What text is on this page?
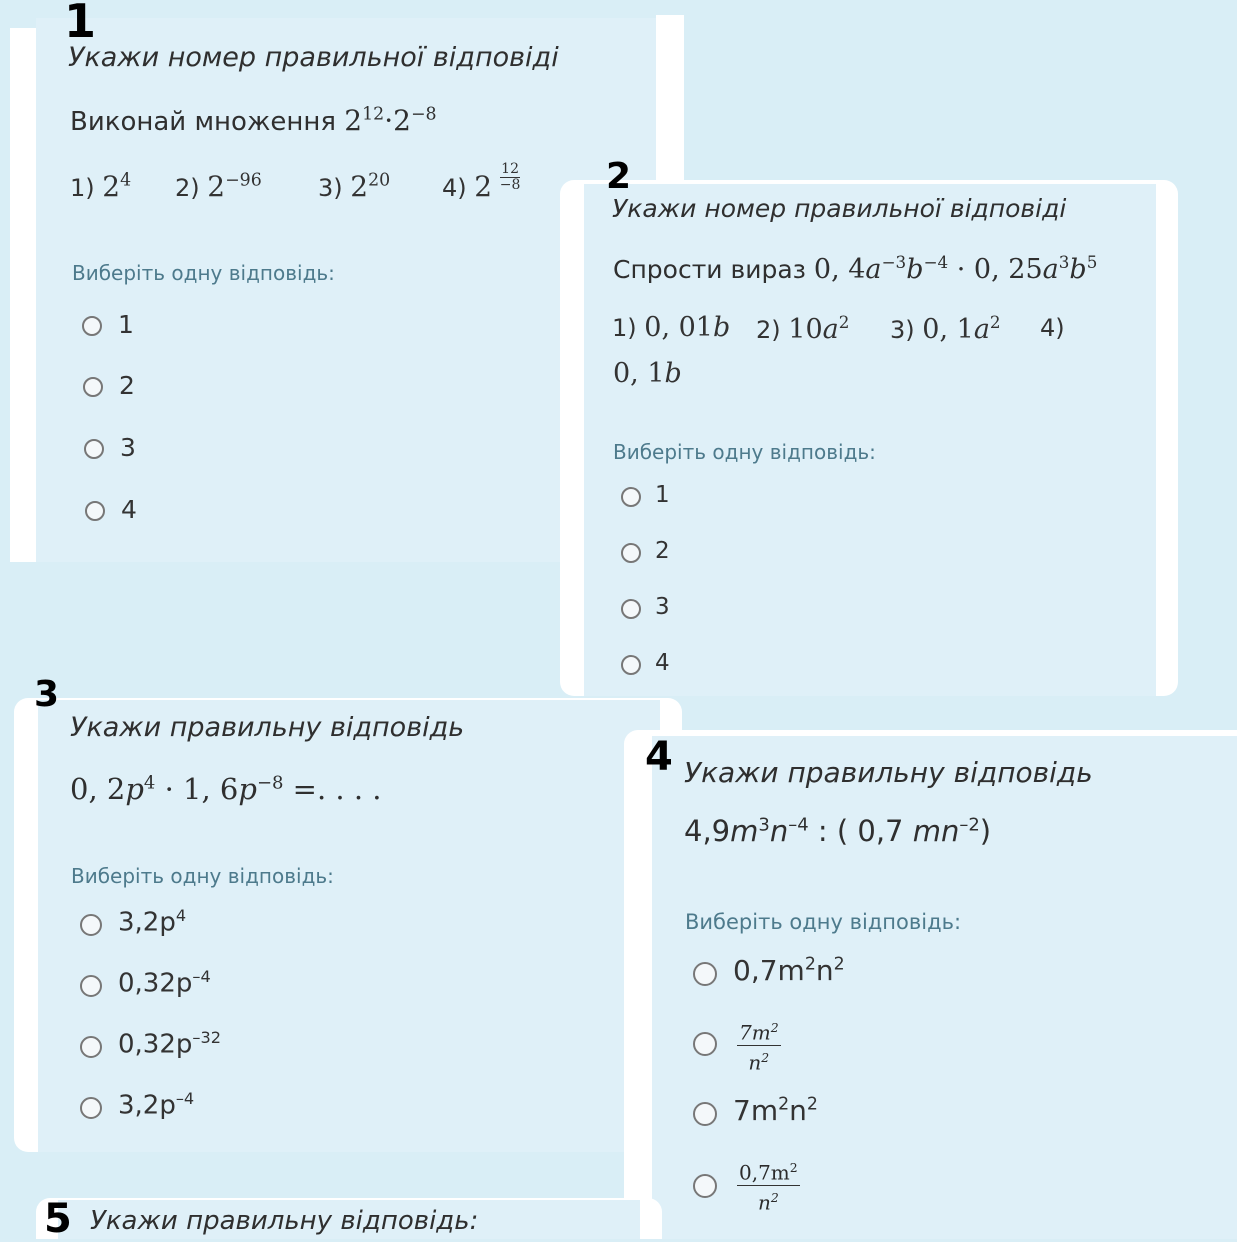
1
Укажи номер правильної відповіді
Виконай множення $2^{12}\cdot 2^{-8}$
1) $2^4$ 2) $2^{-96}$ 3) $2^{20}$ 4) $2 \frac{12}{-8}$
Виберіть одну відповідь:
1
2
3
4
2
Укажи номер правильної відповіді
Спрости вираз 0, $4a^{-3}b^{-4} \cdot 0$, $25a^3b^5$
1) 0, 01b 2) $10a^2$ 3) 0, $1a^2$ 4)
0, 1b
Виберіть одну відповідь:
1
2
3
4
3
Укажи правильну відповідь
0, $2p^4 \cdot 1$, $6p^{-8}$ =. . . .
Виберіть одну відповідь:
$3,2p^4$
$0,32p^{-4}$
$0,32p^{-32}$
$3,2p^{-4}$
4 Укажи правильну відповідь
$4,9m^3n^{-4}$ : ( 0,7 $mn^{-2}$)
Виберіть одну відповідь:
$0,7m^2n^2$
$\frac{7m^2}{n^2}$
$7m^2n^2$
$\frac{0,7m^2}{n^2}$
5 Укажи правильну відповідь:
